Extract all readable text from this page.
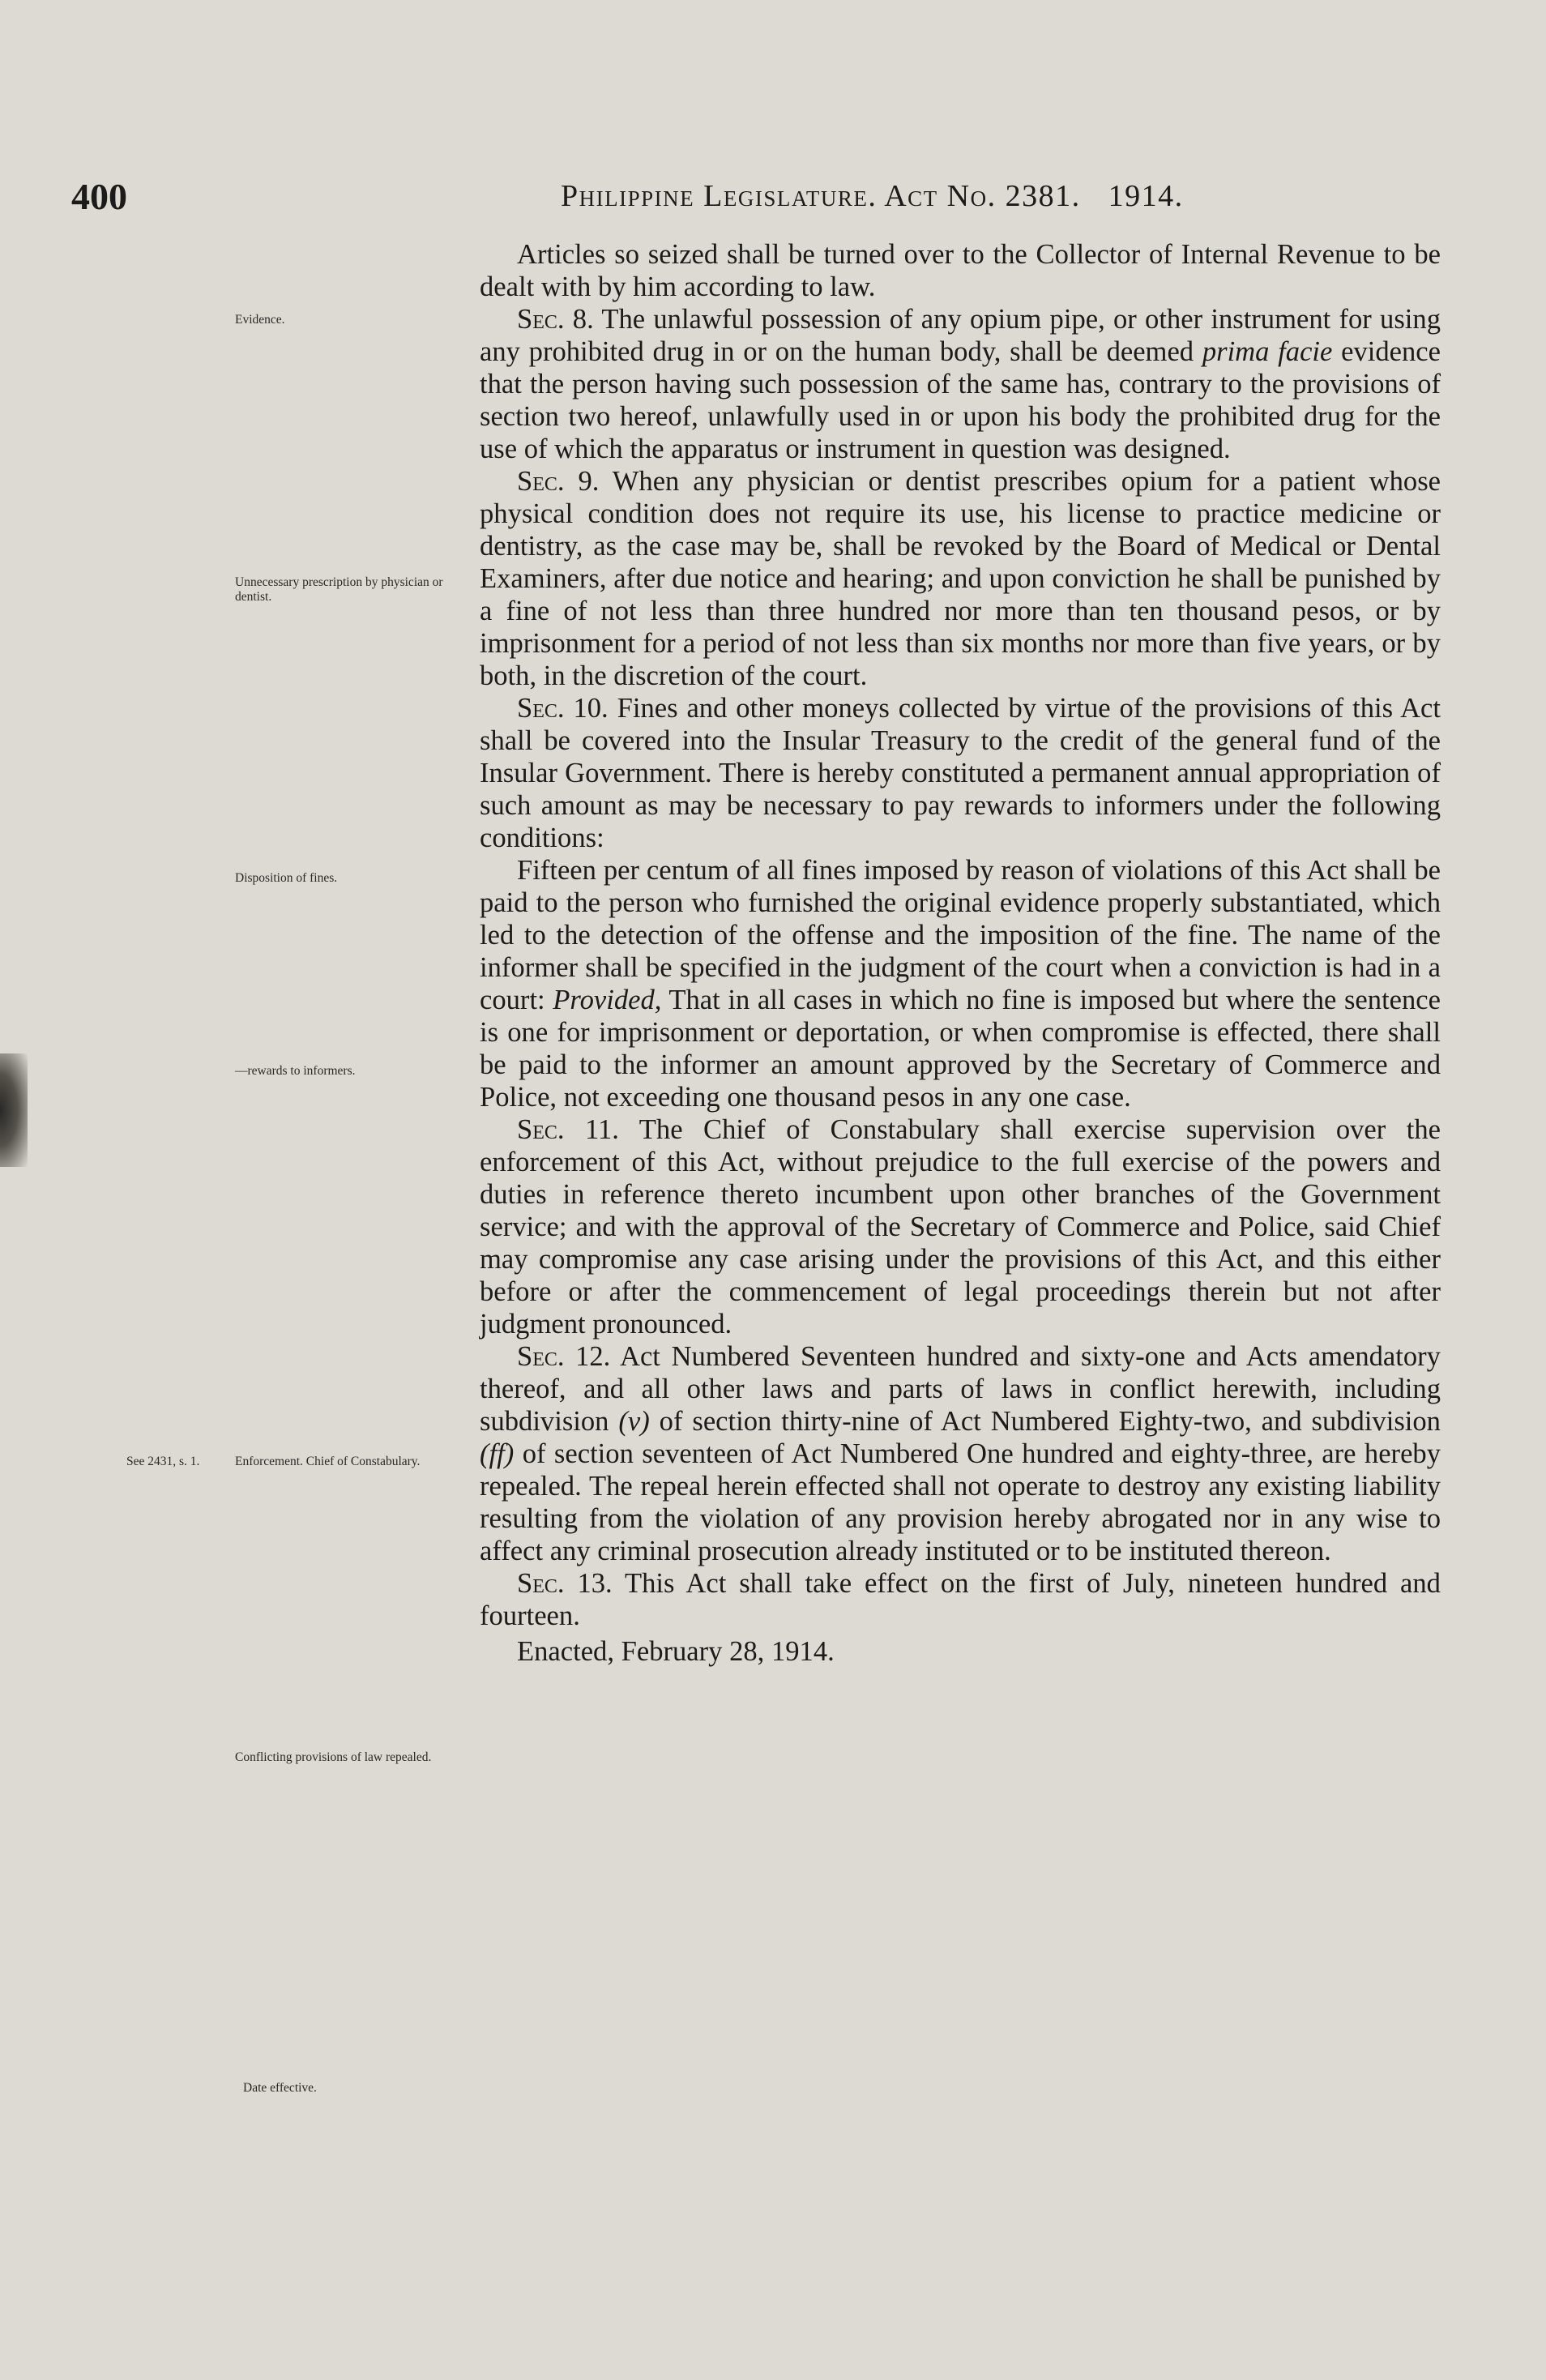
400	Philippine Legislature. Act No. 2381. 1914.
Evidence.
Unnecessary prescription by physician or dentist.
Disposition of fines.
—rewards to informers.
See 2431, s. 1.	Enforcement. Chief of Constabulary.
Conflicting provisions of law repealed.
Date effective.

Articles so seized shall be turned over to the Collector of Internal Revenue to be dealt with by him according to law.

Sec. 8. The unlawful possession of any opium pipe, or other instrument for using any prohibited drug in or on the human body, shall be deemed prima facie evidence that the person having such possession of the same has, contrary to the provisions of section two hereof, unlawfully used in or upon his body the prohibited drug for the use of which the apparatus or instrument in question was designed.

Sec. 9. When any physician or dentist prescribes opium for a patient whose physical condition does not require its use, his license to practice medicine or dentistry, as the case may be, shall be revoked by the Board of Medical or Dental Examiners, after due notice and hearing; and upon conviction he shall be punished by a fine of not less than three hundred nor more than ten thousand pesos, or by imprisonment for a period of not less than six months nor more than five years, or by both, in the discretion of the court.

Sec. 10. Fines and other moneys collected by virtue of the provisions of this Act shall be covered into the Insular Treasury to the credit of the general fund of the Insular Government. There is hereby constituted a permanent annual appropriation of such amount as may be necessary to pay rewards to informers under the following conditions:

Fifteen per centum of all fines imposed by reason of violations of this Act shall be paid to the person who furnished the original evidence properly substantiated, which led to the detection of the offense and the imposition of the fine. The name of the informer shall be specified in the judgment of the court when a conviction is had in a court: Provided, That in all cases in which no fine is imposed but where the sentence is one for imprisonment or deportation, or when compromise is effected, there shall be paid to the informer an amount approved by the Secretary of Commerce and Police, not exceeding one thousand pesos in any one case.

Sec. 11. The Chief of Constabulary shall exercise supervision over the enforcement of this Act, without prejudice to the full exercise of the powers and duties in reference thereto incumbent upon other branches of the Government service; and with the approval of the Secretary of Commerce and Police, said Chief may compromise any case arising under the provisions of this Act, and this either before or after the commencement of legal proceedings therein but not after judgment pronounced.

Sec. 12. Act Numbered Seventeen hundred and sixty-one and Acts amendatory thereof, and all other laws and parts of laws in conflict herewith, including subdivision (v) of section thirty-nine of Act Numbered Eighty-two, and subdivision (ff) of section seventeen of Act Numbered One hundred and eighty-three, are hereby repealed. The repeal herein effected shall not operate to destroy any existing liability resulting from the violation of any provision hereby abrogated nor in any wise to affect any criminal prosecution already instituted or to be instituted thereon.

Sec. 13. This Act shall take effect on the first of July, nineteen hundred and fourteen.

Enacted, February 28, 1914.
